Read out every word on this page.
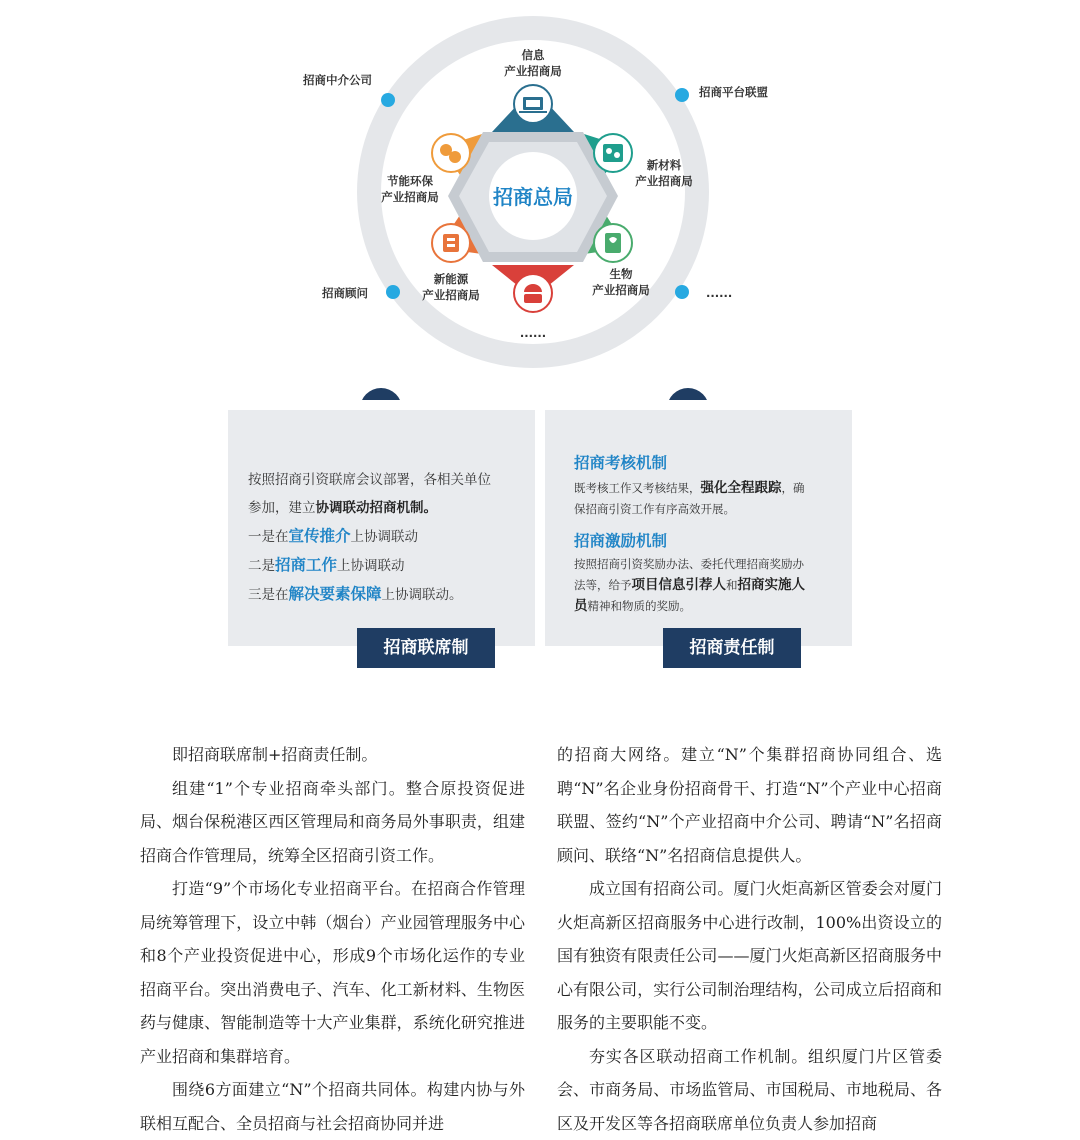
招商总局
信息
产业招商局
新材料
产业招商局
生物
产业招商局
......
新能源
产业招商局
节能环保
产业招商局
招商中介公司
招商平台联盟
招商顾问	......
按照招商引资联席会议部署，各相关单位
参加，建立协调联动招商机制。
一是在宣传推介上协调联动
二是招商工作上协调联动
三是在解决要素保障上协调联动。
招商考核机制
既考核工作又考核结果，强化全程跟踪，确
保招商引资工作有序高效开展。
招商激励机制
按照招商引资奖励办法、委托代理招商奖励办
法等，给予项目信息引荐人和招商实施人
员精神和物质的奖励。
招商联席制	招商责任制

即招商联席制+招商责任制。

组建“1”个专业招商牵头部门。整合原投资促进局、烟台保税港区西区管理局和商务局外事职责，组建招商合作管理局，统筹全区招商引资工作。

打造“9”个市场化专业招商平台。在招商合作管理局统筹管理下，设立中韩（烟台）产业园管理服务中心和8个产业投资促进中心，形成9个市场化运作的专业招商平台。突出消费电子、汽车、化工新材料、生物医药与健康、智能制造等十大产业集群，系统化研究推进产业招商和集群培育。

围绕6方面建立“N”个招商共同体。构建内协与外联相互配合、全员招商与社会招商协同并进

的招商大网络。建立“N”个集群招商协同组合、选聘“N”名企业身份招商骨干、打造“N”个产业中心招商联盟、签约“N”个产业招商中介公司、聘请“N”名招商顾问、联络“N”名招商信息提供人。

成立国有招商公司。厦门火炬高新区管委会对厦门火炬高新区招商服务中心进行改制，100%出资设立的国有独资有限责任公司——厦门火炬高新区招商服务中心有限公司，实行公司制治理结构，公司成立后招商和服务的主要职能不变。

夯实各区联动招商工作机制。组织厦门片区管委会、市商务局、市场监管局、市国税局、市地税局、各区及开发区等各招商联席单位负责人参加招商
